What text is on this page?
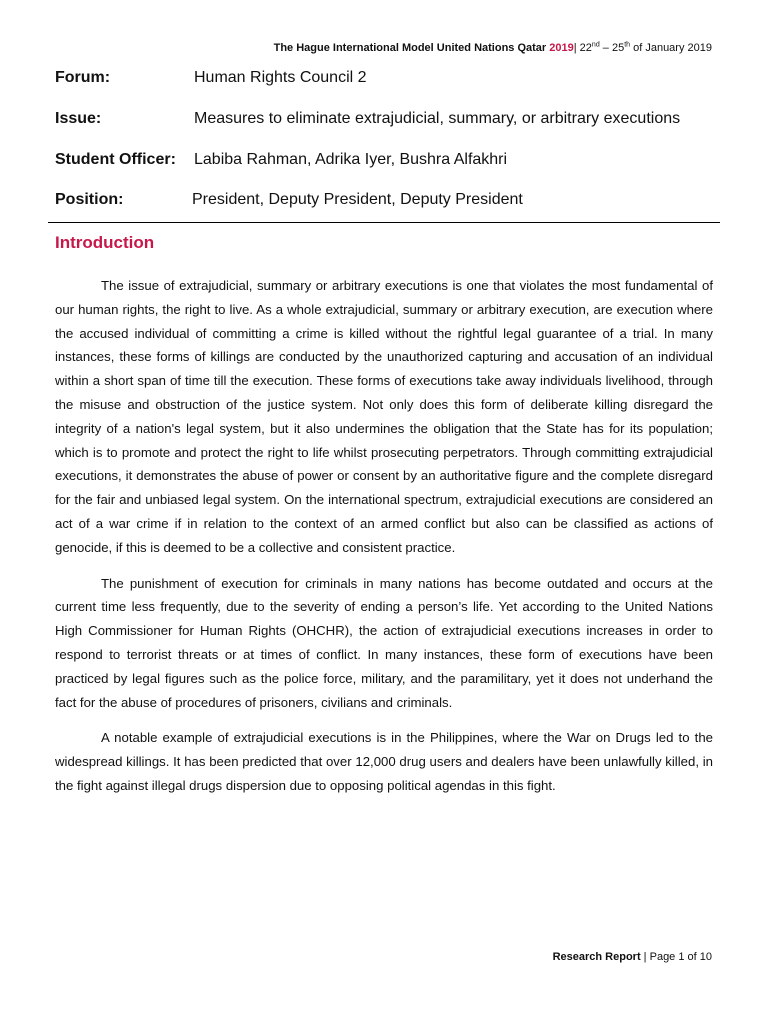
The Hague International Model United Nations Qatar 2019| 22nd – 25th of January 2019
Forum:	Human Rights Council 2
Issue:	Measures to eliminate extrajudicial, summary, or arbitrary executions
Student Officer: Labiba Rahman, Adrika Iyer, Bushra Alfakhri
Position:	President, Deputy President, Deputy President
Introduction

The issue of extrajudicial, summary or arbitrary executions is one that violates the most fundamental of our human rights, the right to live. As a whole extrajudicial, summary or arbitrary execution, are execution where the accused individual of committing a crime is killed without the rightful legal guarantee of a trial. In many instances, these forms of killings are conducted by the unauthorized capturing and accusation of an individual within a short span of time till the execution. These forms of executions take away individuals livelihood, through the misuse and obstruction of the justice system. Not only does this form of deliberate killing disregard the integrity of a nation's legal system, but it also undermines the obligation that the State has for its population; which is to promote and protect the right to life whilst prosecuting perpetrators. Through committing extrajudicial executions, it demonstrates the abuse of power or consent by an authoritative figure and the complete disregard for the fair and unbiased legal system. On the international spectrum, extrajudicial executions are considered an act of a war crime if in relation to the context of an armed conflict but also can be classified as actions of genocide, if this is deemed to be a collective and consistent practice.

The punishment of execution for criminals in many nations has become outdated and occurs at the current time less frequently, due to the severity of ending a person’s life. Yet according to the United Nations High Commissioner for Human Rights (OHCHR), the action of extrajudicial executions increases in order to respond to terrorist threats or at times of conflict. In many instances, these form of executions have been practiced by legal figures such as the police force, military, and the paramilitary, yet it does not underhand the fact for the abuse of procedures of prisoners, civilians and criminals.

A notable example of extrajudicial executions is in the Philippines, where the War on Drugs led to the widespread killings. It has been predicted that over 12,000 drug users and dealers have been unlawfully killed, in the fight against illegal drugs dispersion due to opposing political agendas in this fight.

Research Report | Page 1 of 10
